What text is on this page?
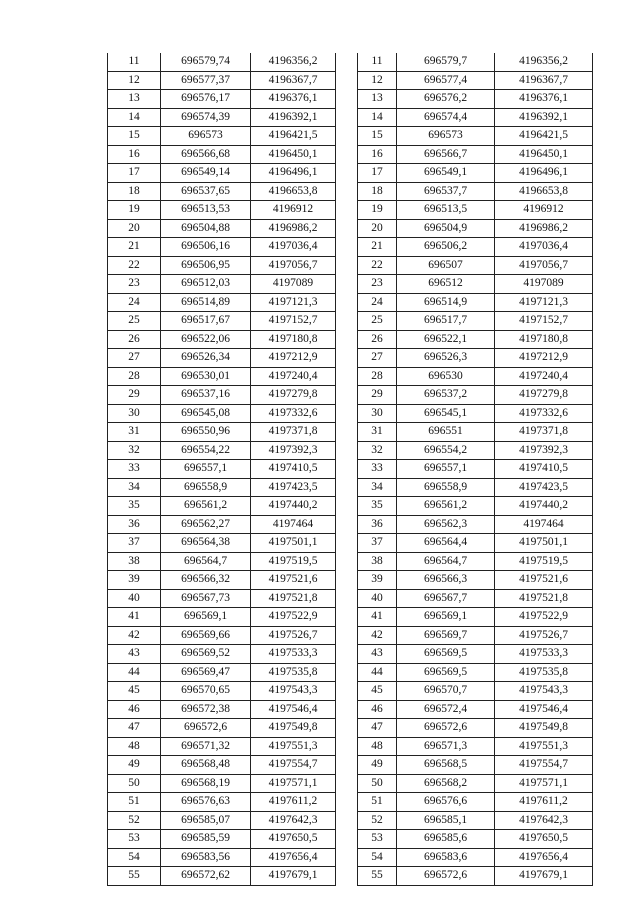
11	696579,74	4196356,2
12	696577,37	4196367,7
13	696576,17	4196376,1
14	696574,39	4196392,1
15	696573	4196421,5
16	696566,68	4196450,1
17	696549,14	4196496,1
18	696537,65	4196653,8
19	696513,53	4196912
20	696504,88	4196986,2
21	696506,16	4197036,4
22	696506,95	4197056,7
23	696512,03	4197089
24	696514,89	4197121,3
25	696517,67	4197152,7
26	696522,06	4197180,8
27	696526,34	4197212,9
28	696530,01	4197240,4
29	696537,16	4197279,8
30	696545,08	4197332,6
31	696550,96	4197371,8
32	696554,22	4197392,3
33	696557,1	4197410,5
34	696558,9	4197423,5
35	696561,2	4197440,2
36	696562,27	4197464
37	696564,38	4197501,1
38	696564,7	4197519,5
39	696566,32	4197521,6
40	696567,73	4197521,8
41	696569,1	4197522,9
42	696569,66	4197526,7
43	696569,52	4197533,3
44	696569,47	4197535,8
45	696570,65	4197543,3
46	696572,38	4197546,4
47	696572,6	4197549,8
48	696571,32	4197551,3
49	696568,48	4197554,7
50	696568,19	4197571,1
51	696576,63	4197611,2
52	696585,07	4197642,3
53	696585,59	4197650,5
54	696583,56	4197656,4
55	696572,62	4197679,1
11	696579,7	4196356,2
12	696577,4	4196367,7
13	696576,2	4196376,1
14	696574,4	4196392,1
15	696573	4196421,5
16	696566,7	4196450,1
17	696549,1	4196496,1
18	696537,7	4196653,8
19	696513,5	4196912
20	696504,9	4196986,2
21	696506,2	4197036,4
22	696507	4197056,7
23	696512	4197089
24	696514,9	4197121,3
25	696517,7	4197152,7
26	696522,1	4197180,8
27	696526,3	4197212,9
28	696530	4197240,4
29	696537,2	4197279,8
30	696545,1	4197332,6
31	696551	4197371,8
32	696554,2	4197392,3
33	696557,1	4197410,5
34	696558,9	4197423,5
35	696561,2	4197440,2
36	696562,3	4197464
37	696564,4	4197501,1
38	696564,7	4197519,5
39	696566,3	4197521,6
40	696567,7	4197521,8
41	696569,1	4197522,9
42	696569,7	4197526,7
43	696569,5	4197533,3
44	696569,5	4197535,8
45	696570,7	4197543,3
46	696572,4	4197546,4
47	696572,6	4197549,8
48	696571,3	4197551,3
49	696568,5	4197554,7
50	696568,2	4197571,1
51	696576,6	4197611,2
52	696585,1	4197642,3
53	696585,6	4197650,5
54	696583,6	4197656,4
55	696572,6	4197679,1
